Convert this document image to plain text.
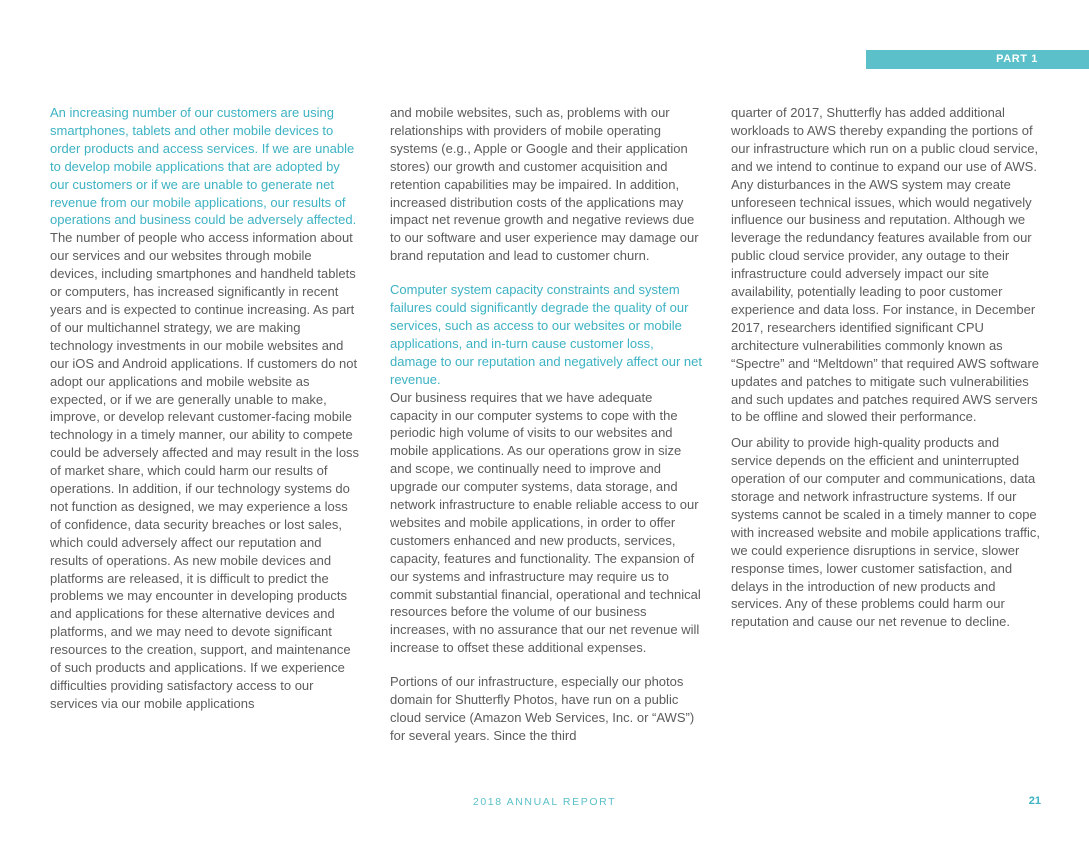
PART 1

An increasing number of our customers are using smartphones, tablets and other mobile devices to order products and access services. If we are unable to develop mobile applications that are adopted by our customers or if we are unable to generate net revenue from our mobile applications, our results of operations and business could be adversely affected.

The number of people who access information about our services and our websites through mobile devices, including smartphones and handheld tablets or computers, has increased significantly in recent years and is expected to continue increasing. As part of our multichannel strategy, we are making technology investments in our mobile websites and our iOS and Android applications. If customers do not adopt our applications and mobile website as expected, or if we are generally unable to make, improve, or develop relevant customer-facing mobile technology in a timely manner, our ability to compete could be adversely affected and may result in the loss of market share, which could harm our results of operations. In addition, if our technology systems do not function as designed, we may experience a loss of confidence, data security breaches or lost sales, which could adversely affect our reputation and results of operations. As new mobile devices and platforms are released, it is difficult to predict the problems we may encounter in developing products and applications for these alternative devices and platforms, and we may need to devote significant resources to the creation, support, and maintenance of such products and applications. If we experience difficulties providing satisfactory access to our services via our mobile applications

and mobile websites, such as, problems with our relationships with providers of mobile operating systems (e.g., Apple or Google and their application stores) our growth and customer acquisition and retention capabilities may be impaired. In addition, increased distribution costs of the applications may impact net revenue growth and negative reviews due to our software and user experience may damage our brand reputation and lead to customer churn.

Computer system capacity constraints and system failures could significantly degrade the quality of our services, such as access to our websites or mobile applications, and in-turn cause customer loss, damage to our reputation and negatively affect our net revenue.

Our business requires that we have adequate capacity in our computer systems to cope with the periodic high volume of visits to our websites and mobile applications. As our operations grow in size and scope, we continually need to improve and upgrade our computer systems, data storage, and network infrastructure to enable reliable access to our websites and mobile applications, in order to offer customers enhanced and new products, services, capacity, features and functionality. The expansion of our systems and infrastructure may require us to commit substantial financial, operational and technical resources before the volume of our business increases, with no assurance that our net revenue will increase to offset these additional expenses.

Portions of our infrastructure, especially our photos domain for Shutterfly Photos, have run on a public cloud service (Amazon Web Services, Inc. or “AWS”) for several years. Since the third

quarter of 2017, Shutterfly has added additional workloads to AWS thereby expanding the portions of our infrastructure which run on a public cloud service, and we intend to continue to expand our use of AWS. Any disturbances in the AWS system may create unforeseen technical issues, which would negatively influence our business and reputation. Although we leverage the redundancy features available from our public cloud service provider, any outage to their infrastructure could adversely impact our site availability, potentially leading to poor customer experience and data loss. For instance, in December 2017, researchers identified significant CPU architecture vulnerabilities commonly known as “Spectre” and “Meltdown” that required AWS software updates and patches to mitigate such vulnerabilities and such updates and patches required AWS servers to be offline and slowed their performance.

Our ability to provide high-quality products and service depends on the efficient and uninterrupted operation of our computer and communications, data storage and network infrastructure systems. If our systems cannot be scaled in a timely manner to cope with increased website and mobile applications traffic, we could experience disruptions in service, slower response times, lower customer satisfaction, and delays in the introduction of new products and services. Any of these problems could harm our reputation and cause our net revenue to decline.

2018 ANNUAL REPORT	21
